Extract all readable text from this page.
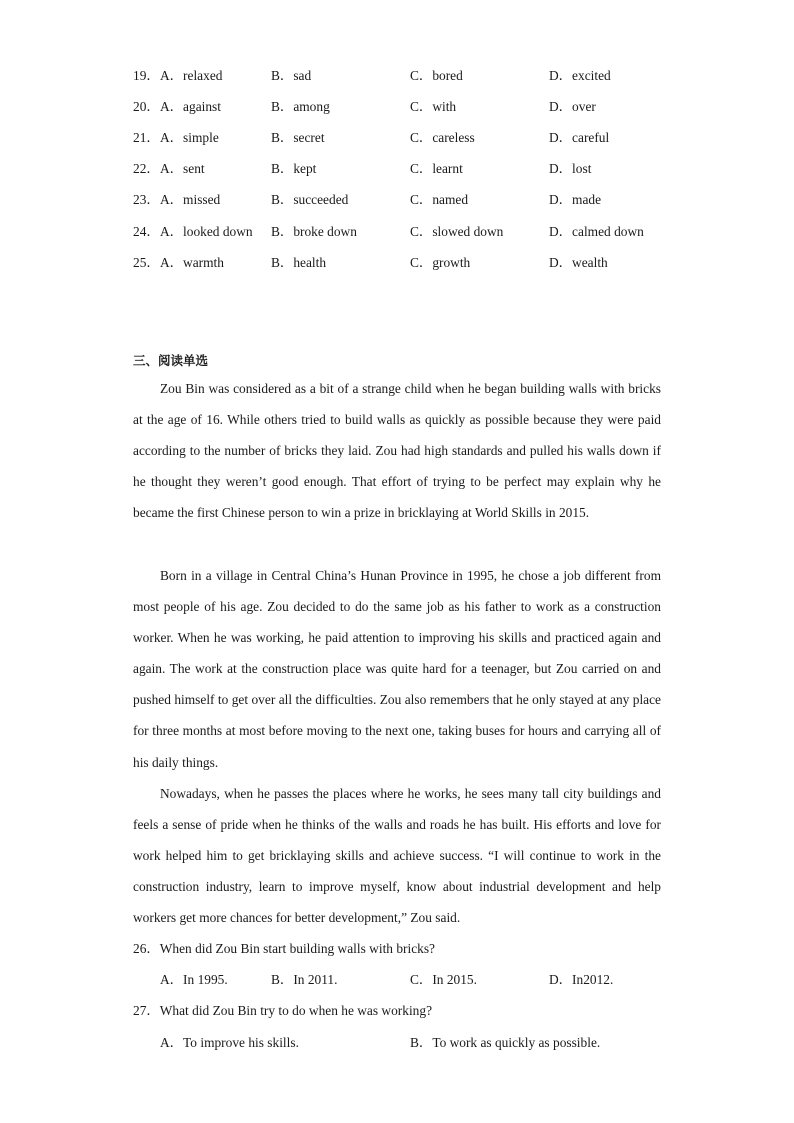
19． A．relaxed	B．sad	C．bored	D．excited
20． A．against	B．among	C．with	D．over
21． A．simple	B．secret	C．careless	D．careful
22． A．sent	B．kept	C．learnt	D．lost
23． A．missed	B．succeeded	C．named	D．made
24． A．looked down B．broke down	C．slowed down	D．calmed down
25． A．warmth	B．health	C．growth	D．wealth
三、阅读单选

Zou Bin was considered as a bit of a strange child when he began building walls with bricks at the age of 16. While others tried to build walls as quickly as possible because they were paid according to the number of bricks they laid. Zou had high standards and pulled his walls down if he thought they weren’t good enough. That effort of trying to be perfect may explain why he became the first Chinese person to win a prize in bricklaying at World Skills in 2015.

Born in a village in Central China’s Hunan Province in 1995, he chose a job different from most people of his age. Zou decided to do the same job as his father to work as a construction worker. When he was working, he paid attention to improving his skills and practiced again and again. The work at the construction place was quite hard for a teenager, but Zou carried on and pushed himself to get over all the difficulties. Zou also remembers that he only stayed at any place for three months at most before moving to the next one, taking buses for hours and carrying all of his daily things.

Nowadays, when he passes the places where he works, he sees many tall city buildings and feels a sense of pride when he thinks of the walls and roads he has built. His efforts and love for work helped him to get bricklaying skills and achieve success. “I will continue to work in the construction industry, learn to improve myself, know about industrial development and help workers get more chances for better development,” Zou said.

26．When did Zou Bin start building walls with bricks?
A．In 1995.	B．In 2011.	C．In 2015.	D．In2012.
27．What did Zou Bin try to do when he was working?
A．To improve his skills.	B．To work as quickly as possible.
